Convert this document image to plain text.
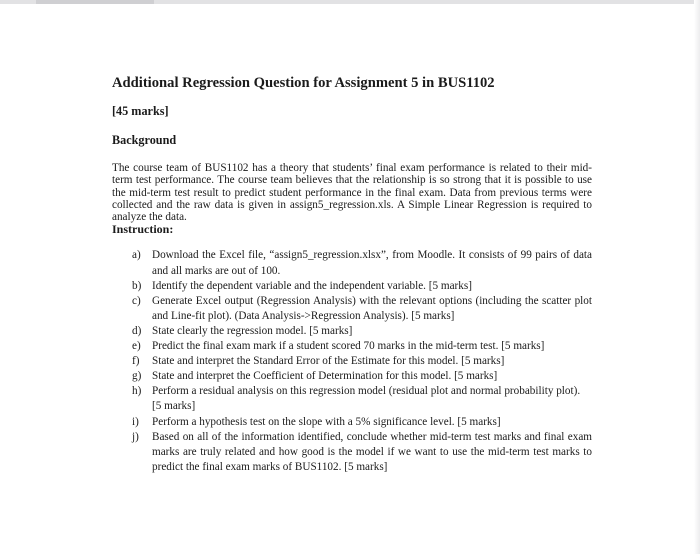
Additional Regression Question for Assignment 5 in BUS1102
[45 marks]
Background
The course team of BUS1102 has a theory that students’ final exam performance is related to their mid-term test performance. The course team believes that the relationship is so strong that it is possible to use the mid-term test result to predict student performance in the final exam. Data from previous terms were collected and the raw data is given in assign5_regression.xls. A Simple Linear Regression is required to analyze the data.
Instruction:
a) Download the Excel file, “assign5_regression.xlsx”, from Moodle. It consists of 99 pairs of data and all marks are out of 100.
b) Identify the dependent variable and the independent variable. [5 marks]
c) Generate Excel output (Regression Analysis) with the relevant options (including the scatter plot and Line-fit plot). (Data Analysis->Regression Analysis). [5 marks]
d) State clearly the regression model. [5 marks]
e) Predict the final exam mark if a student scored 70 marks in the mid-term test. [5 marks]
f) State and interpret the Standard Error of the Estimate for this model. [5 marks]
g) State and interpret the Coefficient of Determination for this model. [5 marks]
h) Perform a residual analysis on this regression model (residual plot and normal probability plot). [5 marks]
i) Perform a hypothesis test on the slope with a 5% significance level. [5 marks]
j) Based on all of the information identified, conclude whether mid-term test marks and final exam marks are truly related and how good is the model if we want to use the mid-term test marks to predict the final exam marks of BUS1102. [5 marks]
